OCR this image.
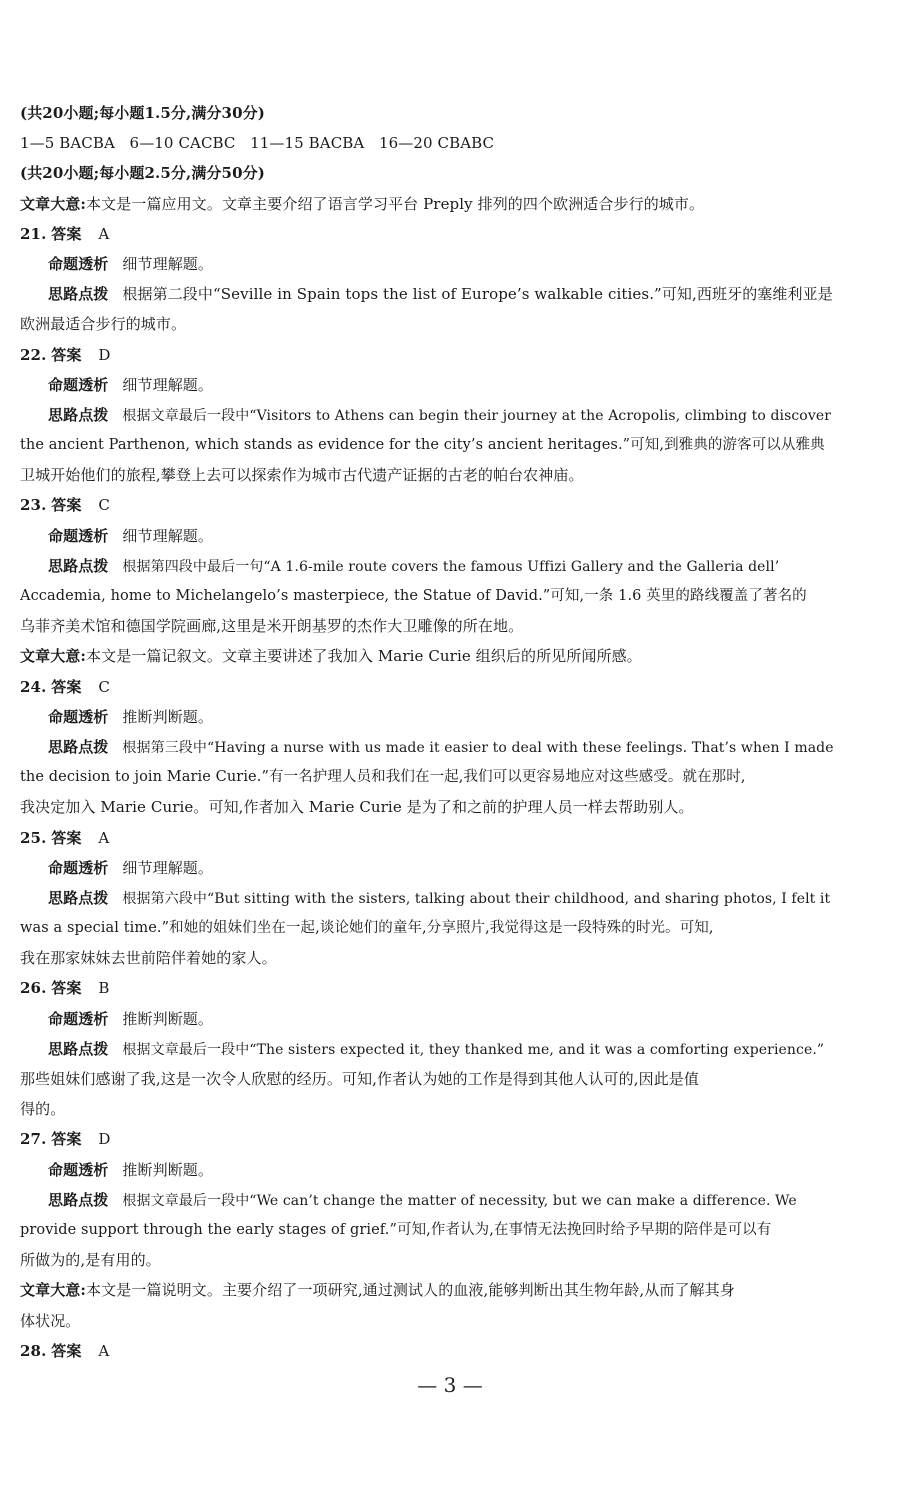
(共20小题;每小题1.5分,满分30分)
1—5 BACBA   6—10 CACBC   11—15 BACBA   16—20 CBABC
(共20小题;每小题2.5分,满分50分)
文章大意:本文是一篇应用文。文章主要介绍了语言学习平台 Preply 排列的四个欧洲适合步行的城市。
21. 答案 A
命题透析 细节理解题。
思路点拨 根据第二段中“Seville in Spain tops the list of Europe’s walkable cities.”可知,西班牙的塞维利亚是
欧洲最适合步行的城市。
22. 答案 D
命题透析 细节理解题。
思路点拨 根据文章最后一段中“Visitors to Athens can begin their journey at the Acropolis, climbing to discover
the ancient Parthenon, which stands as evidence for the city’s ancient heritages.”可知,到雅典的游客可以从雅典
卫城开始他们的旅程,攀登上去可以探索作为城市古代遗产证据的古老的帕台农神庙。
23. 答案 C
命题透析 细节理解题。
思路点拨 根据第四段中最后一句“A 1.6-mile route covers the famous Uffizi Gallery and the Galleria dell’
Accademia, home to Michelangelo’s masterpiece, the Statue of David.”可知,一条 1.6 英里的路线覆盖了著名的
乌菲齐美术馆和德国学院画廊,这里是米开朗基罗的杰作大卫雕像的所在地。
文章大意:本文是一篇记叙文。文章主要讲述了我加入 Marie Curie 组织后的所见所闻所感。
24. 答案 C
命题透析 推断判断题。
思路点拨 根据第三段中“Having a nurse with us made it easier to deal with these feelings. That’s when I made
the decision to join Marie Curie.”有一名护理人员和我们在一起,我们可以更容易地应对这些感受。就在那时,
我决定加入 Marie Curie。可知,作者加入 Marie Curie 是为了和之前的护理人员一样去帮助别人。
25. 答案 A
命题透析 细节理解题。
思路点拨 根据第六段中“But sitting with the sisters, talking about their childhood, and sharing photos, I felt it
was a special time.”和她的姐妹们坐在一起,谈论她们的童年,分享照片,我觉得这是一段特殊的时光。可知,
我在那家妹妹去世前陪伴着她的家人。
26. 答案 B
命题透析 推断判断题。
思路点拨 根据文章最后一段中“The sisters expected it, they thanked me, and it was a comforting experience.”
那些姐妹们感谢了我,这是一次令人欣慰的经历。可知,作者认为她的工作是得到其他人认可的,因此是值
得的。
27. 答案 D
命题透析 推断判断题。
思路点拨 根据文章最后一段中“We can’t change the matter of necessity, but we can make a difference. We
provide support through the early stages of grief.”可知,作者认为,在事情无法挽回时给予早期的陪伴是可以有
所做为的,是有用的。
文章大意:本文是一篇说明文。主要介绍了一项研究,通过测试人的血液,能够判断出其生物年龄,从而了解其身
体状况。
28. 答案 A
— 3 —
